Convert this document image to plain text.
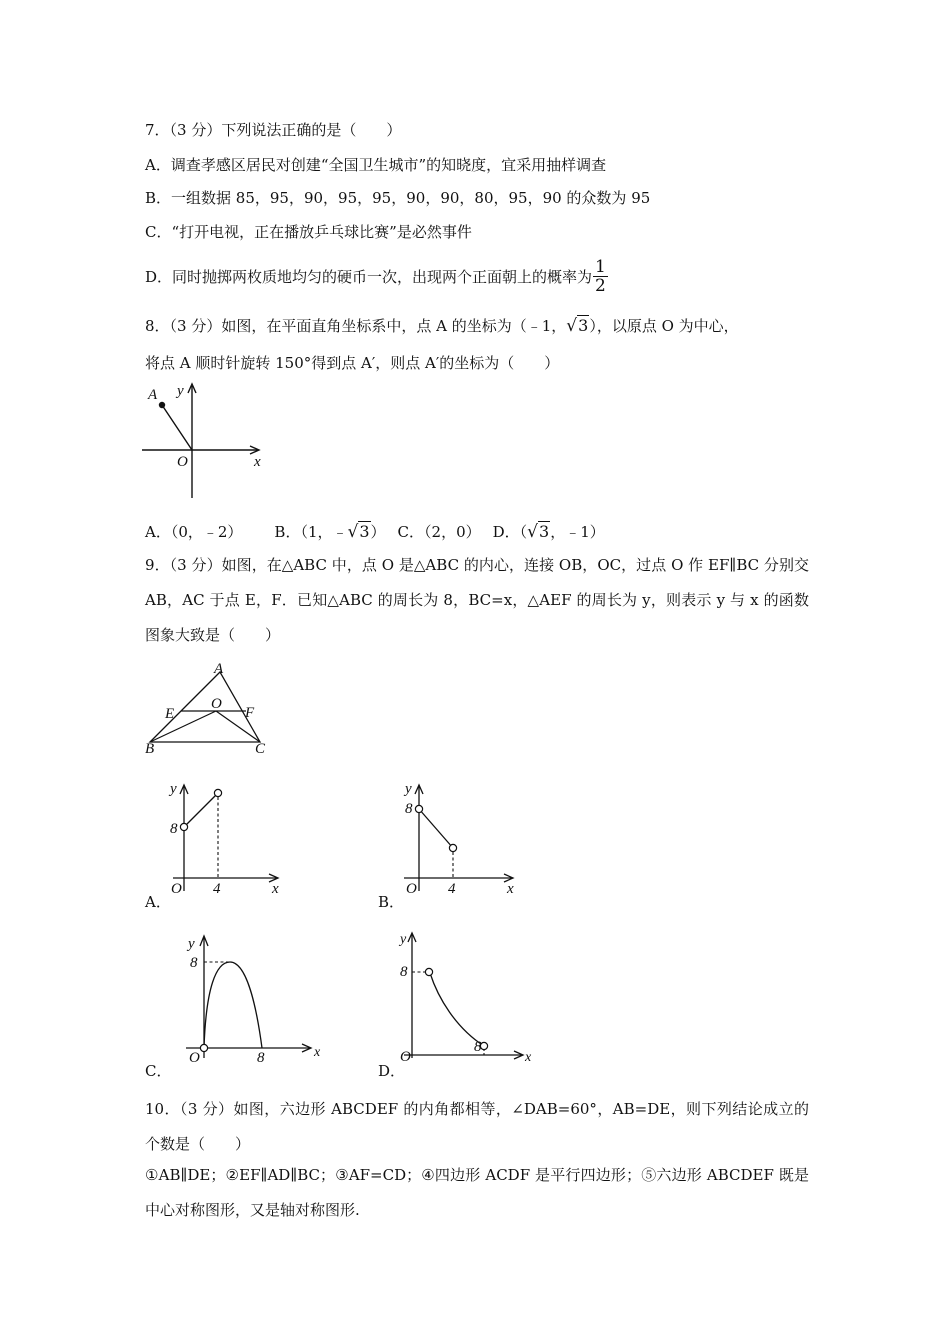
7．（3 分）下列说法正确的是（　　）
A．调查孝感区居民对创建“全国卫生城市”的知晓度，宜采用抽样调查
B．一组数据 85，95，90，95，95，90，90，80，95，90 的众数为 95
C．“打开电视，正在播放乒乓球比赛”是必然事件
D．同时抛掷两枚质地均匀的硬币一次，出现两个正面朝上的概率为 $\frac{1}{2}$
8．（3 分）如图，在平面直角坐标系中，点 A 的坐标为（﹣1，√3），以原点 O 为中心，
将点 A 顺时针旋转 150°得到点 A′，则点 A′的坐标为（　　）
A y
O	x
A．（0，﹣2） B．（1，﹣√3） C．（2，0） D．（√3，﹣1）
9．（3 分）如图，在△ABC 中，点 O 是△ABC 的内心，连接 OB，OC，过点 O 作 EF∥BC 分别交 AB，AC 于点 E，F．已知△ABC 的周长为 8，BC=x，△AEF 的周长为 y，则表示 y 与 x 的函数图象大致是（　　）
A
E
O
F
B	C
y
8
O 4	x
A．
y
8
O 4	x
B．
y
8
O	8	x
C．
y
8
O
8
x
D．
10．（3 分）如图，六边形 ABCDEF 的内角都相等，∠DAB=60°，AB=DE，则下列结论成立的个数是（　　）
①AB∥DE；②EF∥AD∥BC；③AF=CD；④四边形 ACDF 是平行四边形；⑤六边形 ABCDEF 既是中心对称图形，又是轴对称图形.
